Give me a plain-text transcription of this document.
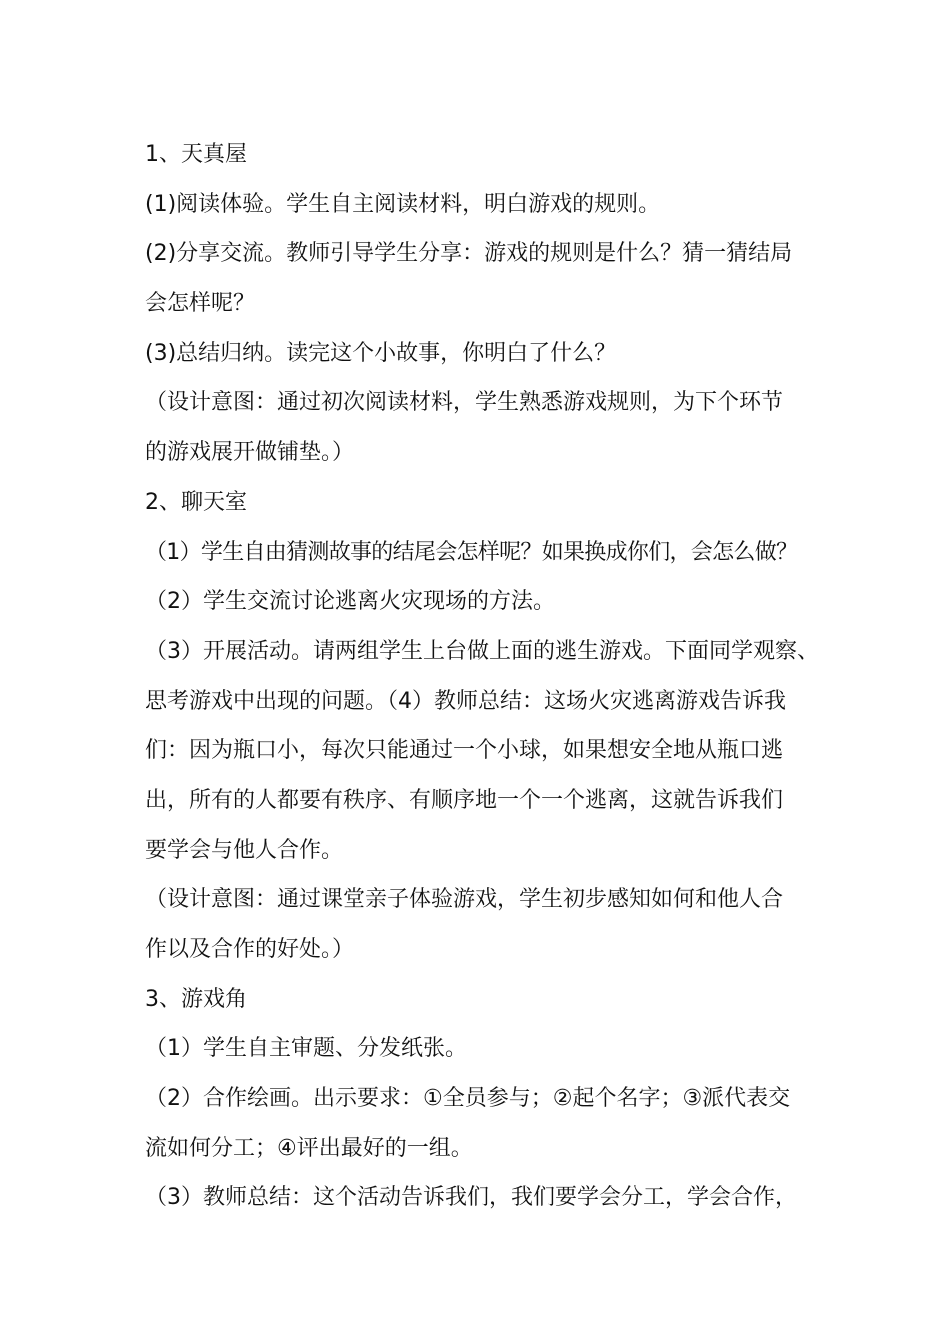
1、天真屋
(1)阅读体验。学生自主阅读材料，明白游戏的规则。
(2)分享交流。教师引导学生分享：游戏的规则是什么？猜一猜结局
会怎样呢？
(3)总结归纳。读完这个小故事，你明白了什么？
（设计意图：通过初次阅读材料，学生熟悉游戏规则，为下个环节
的游戏展开做铺垫。）
2、聊天室
（1）学生自由猜测故事的结尾会怎样呢？如果换成你们，会怎么做？
（2）学生交流讨论逃离火灾现场的方法。
（3）开展活动。请两组学生上台做上面的逃生游戏。下面同学观察、
思考游戏中出现的问题。（4）教师总结：这场火灾逃离游戏告诉我
们：因为瓶口小，每次只能通过一个小球，如果想安全地从瓶口逃
出，所有的人都要有秩序、有顺序地一个一个逃离，这就告诉我们
要学会与他人合作。
（设计意图：通过课堂亲子体验游戏，学生初步感知如何和他人合
作以及合作的好处。）
3、游戏角
（1）学生自主审题、分发纸张。
（2）合作绘画。出示要求：①全员参与；②起个名字；③派代表交
流如何分工；④评出最好的一组。
（3）教师总结：这个活动告诉我们，我们要学会分工，学会合作，
